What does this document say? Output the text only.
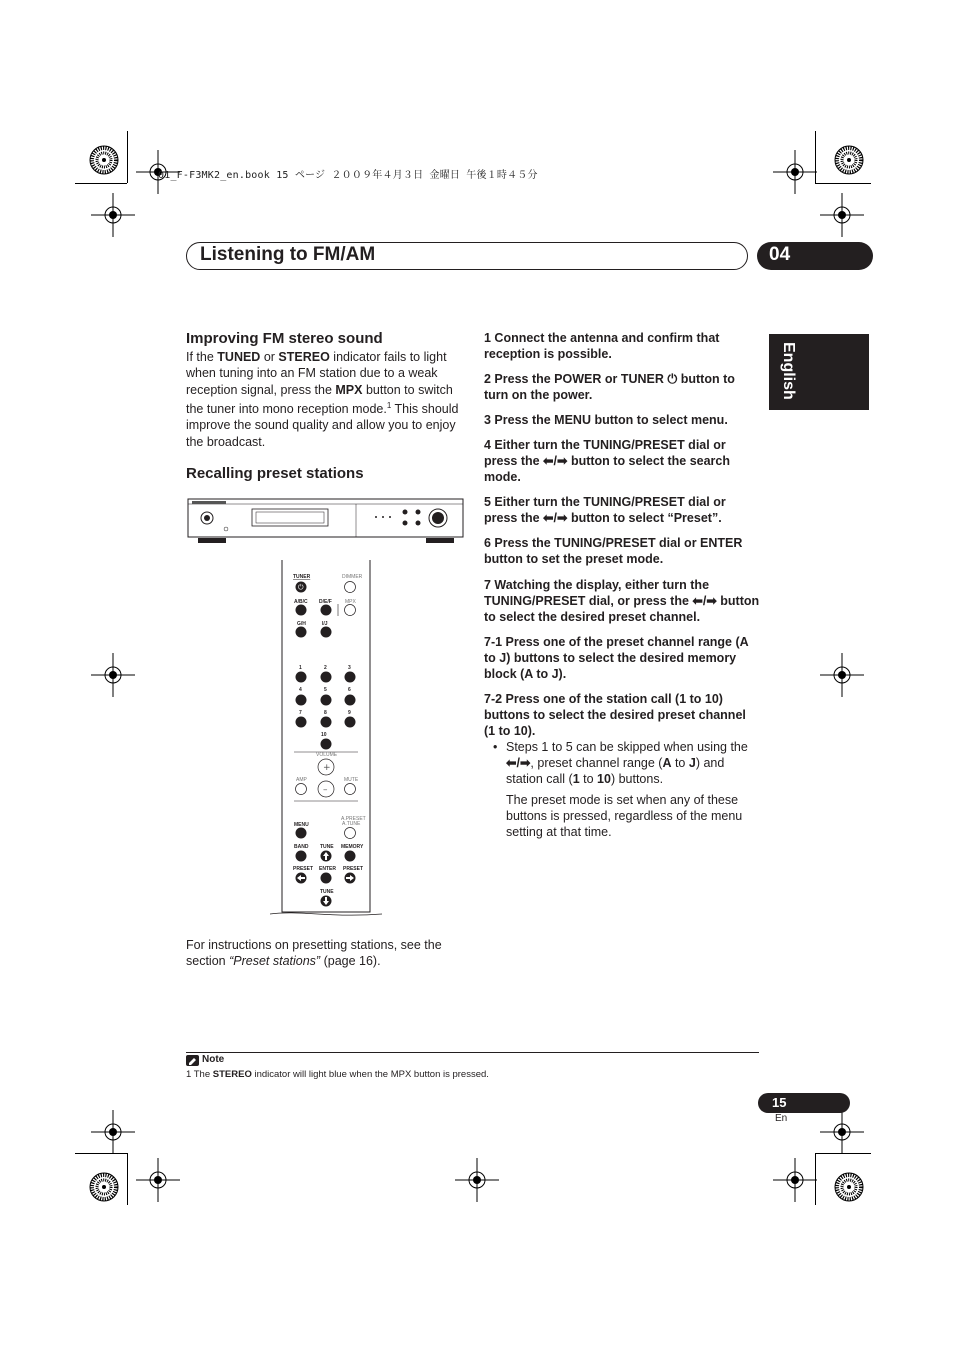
01_F-F3MK2_en.book 15 ページ ２００９年４月３日 金曜日 午後１時４５分
Listening to FM/AM	04
English
Improving FM stereo sound
If the TUNED or STEREO indicator fails to light when tuning into an FM station due to a weak reception signal, press the MPX button to switch the tuner into mono reception mode.$^1$ This should improve the sound quality and allow you to enjoy the broadcast.
Recalling preset stations
TUNER	DIMMER
⏻
A/B/C D/E/F	MPX
G/H	I/J
1	2	3
4	5	6
7	8	9
10
VOLUME
+
–
AMP	MUTE
A.PRESET
A.TUNE
MENU
BAND TUNE MEMORY
PRESET ENTER PRESET
TUNE
For instructions on presetting stations, see the section “Preset stations” (page 16).
1 Connect the antenna and confirm that reception is possible.
2 Press the POWER or TUNER ⏻ button to turn on the power.
3 Press the MENU button to select menu.
4 Either turn the TUNING/PRESET dial or press the ⬅/➡ button to select the search mode.
5 Either turn the TUNING/PRESET dial or press the ⬅/➡ button to select “Preset”.
6 Press the TUNING/PRESET dial or ENTER button to set the preset mode.
7 Watching the display, either turn the TUNING/PRESET dial, or press the ⬅/➡ button to select the desired preset channel.
7-1 Press one of the preset channel range (A to J) buttons to select the desired memory block (A to J).
7-2 Press one of the station call (1 to 10) buttons to select the desired preset channel (1 to 10).
• Steps 1 to 5 can be skipped when using the ⬅/➡, preset channel range (A to J) and station call (1 to 10) buttons.
The preset mode is set when any of these buttons is pressed, regardless of the menu setting at that time.
Note
1 The STEREO indicator will light blue when the MPX button is pressed.
15
En
